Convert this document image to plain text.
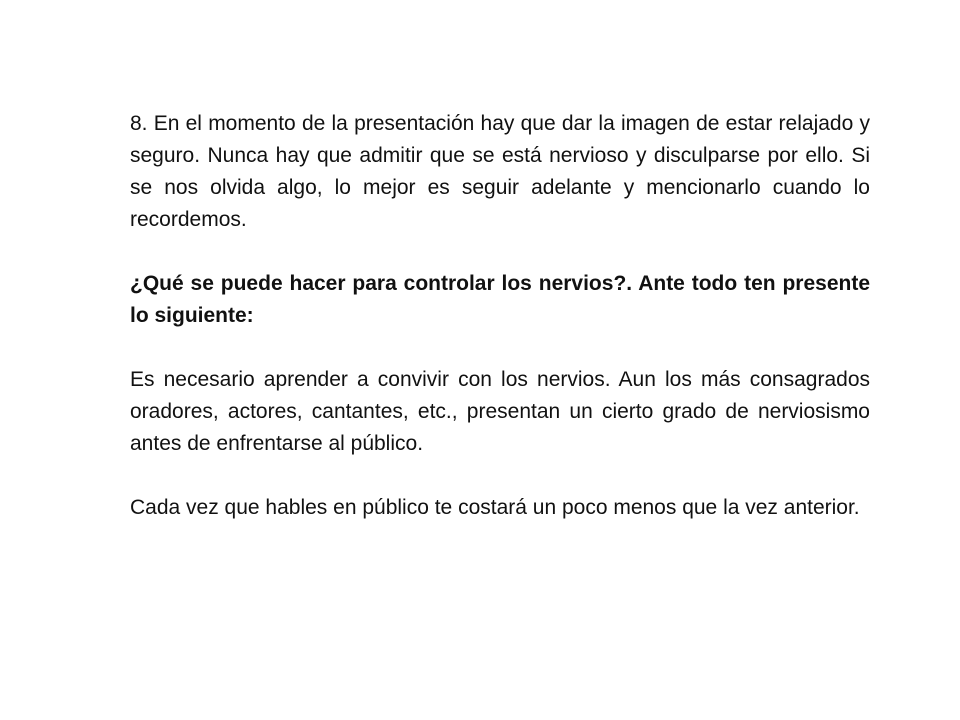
8. En el momento de la presentación hay que dar la imagen de estar relajado y seguro. Nunca hay que admitir que se está nervioso y disculparse por ello. Si se nos olvida algo, lo mejor es seguir adelante y mencionarlo cuando lo recordemos.

¿Qué se puede hacer para controlar los nervios?. Ante todo ten presente lo siguiente:

Es necesario aprender a convivir con los nervios. Aun los más consagrados oradores, actores, cantantes, etc., presentan un cierto grado de nerviosismo antes de enfrentarse al público.

Cada vez que hables en público te costará un poco menos que la vez anterior.
